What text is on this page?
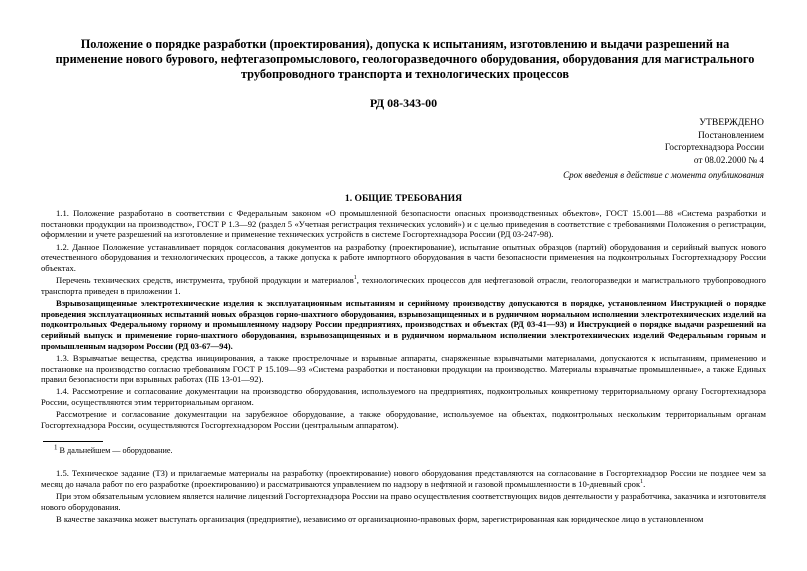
Положение о порядке разработки (проектирования), допуска к испытаниям, изготовлению и выдачи разрешений на применение нового бурового, нефтегазопромыслового, геологоразведочного оборудования, оборудования для магистрального трубопроводного транспорта и технологических процессов
РД 08-343-00
УТВЕРЖДЕНО
Постановлением
Госгортехнадзора России
от 08.02.2000 № 4
Срок введения в действие с момента опубликования
1. ОБЩИЕ ТРЕБОВАНИЯ

1.1. Положение разработано в соответствии с Федеральным законом «О промышленной безопасности опасных производственных объектов», ГОСТ 15.001—88 «Система разработки и постановки продукции на производство», ГОСТ Р 1.3—92 (раздел 5 «Учетная регистрация технических условий») и с целью приведения в соответствие с требованиями Положения о регистрации, оформлении и учете разрешений на изготовление и применение технических устройств в системе Госгортехнадзора России (РД 03-247-98).

1.2. Данное Положение устанавливает порядок согласования документов на разработку (проектирование), испытание опытных образцов (партий) оборудования и серийный выпуск нового отечественного оборудования и технологических процессов, а также допуска к работе импортного оборудования в части безопасности применения на подконтрольных Госгортехнадзору России объектах.

Перечень технических средств, инструмента, трубной продукции и материалов$^1$, технологических процессов для нефтегазовой отрасли, геологоразведки и магистрального трубопроводного транспорта приведен в приложении 1.

Взрывозащищенные электротехнические изделия к эксплуатационным испытаниям и серийному производству допускаются в порядке, установленном Инструкцией о порядке проведения эксплуатационных испытаний новых образцов горно-шахтного оборудования, взрывозащищенных и в рудничном нормальном исполнении электротехнических изделий на подконтрольных Федеральному горному и промышленному надзору России предприятиях, производствах и объектах (РД 03-41—93) и Инструкцией о порядке выдачи разрешений на серийный выпуск и применение горно-шахтного оборудования, взрывозащищенных и в рудничном нормальном исполнении электротехнических изделий Федеральным горным и промышленным надзором России (РД 03-67—94).

1.3. Взрывчатые вещества, средства инициирования, а также прострелочные и взрывные аппараты, снаряженные взрывчатыми материалами, допускаются к испытаниям, применению и постановке на производство согласно требованиям ГОСТ Р 15.109—93 «Система разработки и постановки продукции на производство. Материалы взрывчатые промышленные», а также Единых правил безопасности при взрывных работах (ПБ 13-01—92).

1.4. Рассмотрение и согласование документации на производство оборудования, используемого на предприятиях, подконтрольных конкретному территориальному органу Госгортехнадзора России, осуществляются этим территориальным органом.

Рассмотрение и согласование документации на зарубежное оборудование, а также оборудование, используемое на объектах, подконтрольных нескольким территориальным органам Госгортехнадзора России, осуществляются Госгортехнадзором России (центральным аппаратом).

$^1$ В дальнейшем — оборудование.

1.5. Техническое задание (ТЗ) и прилагаемые материалы на разработку (проектирование) нового оборудования представляются на согласование в Госгортехнадзор России не позднее чем за месяц до начала работ по его разработке (проектированию) и рассматриваются управлением по надзору в нефтяной и газовой промышленности в 10-дневный срок$^1$.

При этом обязательным условием является наличие лицензий Госгортехнадзора России на право осуществления соответствующих видов деятельности у разработчика, заказчика и изготовителя нового оборудования.

В качестве заказчика может выступать организация (предприятие), независимо от организационно-правовых форм, зарегистрированная как юридическое лицо в установленном
